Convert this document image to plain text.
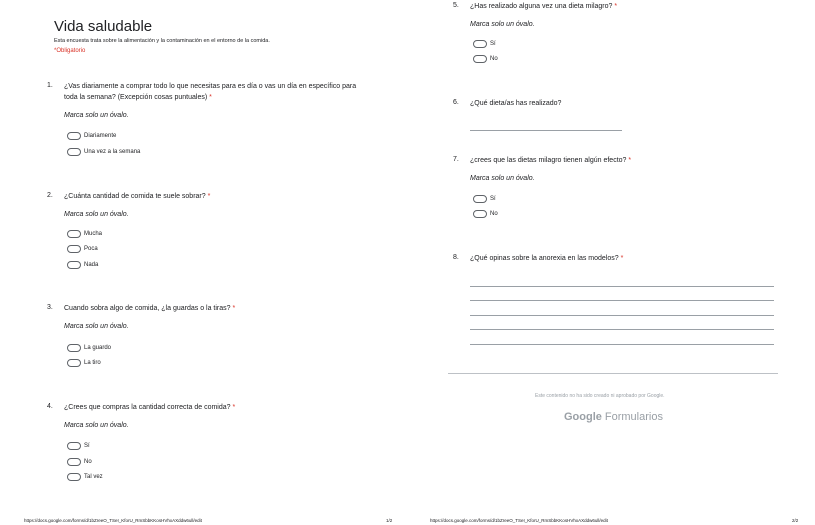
Vida saludable
Esta encuesta trata sobre la alimentación y la contaminación en el entorno de la comida.
*Obligatorio
1. ¿Vas diariamente a comprar todo lo que necesitas para es día o vas un día en específico para toda la semana? (Excepción cosas puntuales) *
Marca solo un óvalo.
Diariamente
Una vez a la semana
2. ¿Cuánta cantidad de comida te suele sobrar? *
Marca solo un óvalo.
Mucha
Poca
Nada
3. Cuando sobra algo de comida, ¿la guardas o la tiras? *
Marca solo un óvalo.
La guardo
La tiro
4. ¿Crees que compras la cantidad correcta de comida? *
Marca solo un óvalo.
Sí
No
Tal vez
https://docs.google.com/forms/d/1bZreeO_TSeI_KforU_RmSbbKKosHVhxAXddw6ull/edit	1/2
5. ¿Has realizado alguna vez una dieta milagro? *
Marca solo un óvalo.
Sí
No
6. ¿Qué dieta/as has realizado?
7. ¿crees que las dietas milagro tienen algún efecto? *
Marca solo un óvalo.
Sí
No
8. ¿Qué opinas sobre la anorexia en las modelos? *
Este contenido no ha sido creado ni aprobado por Google.
Google Formularios
https://docs.google.com/forms/d/1bZreeO_TSeI_KforU_RmSbbKKosHVhxAXddw6ull/edit	2/2
